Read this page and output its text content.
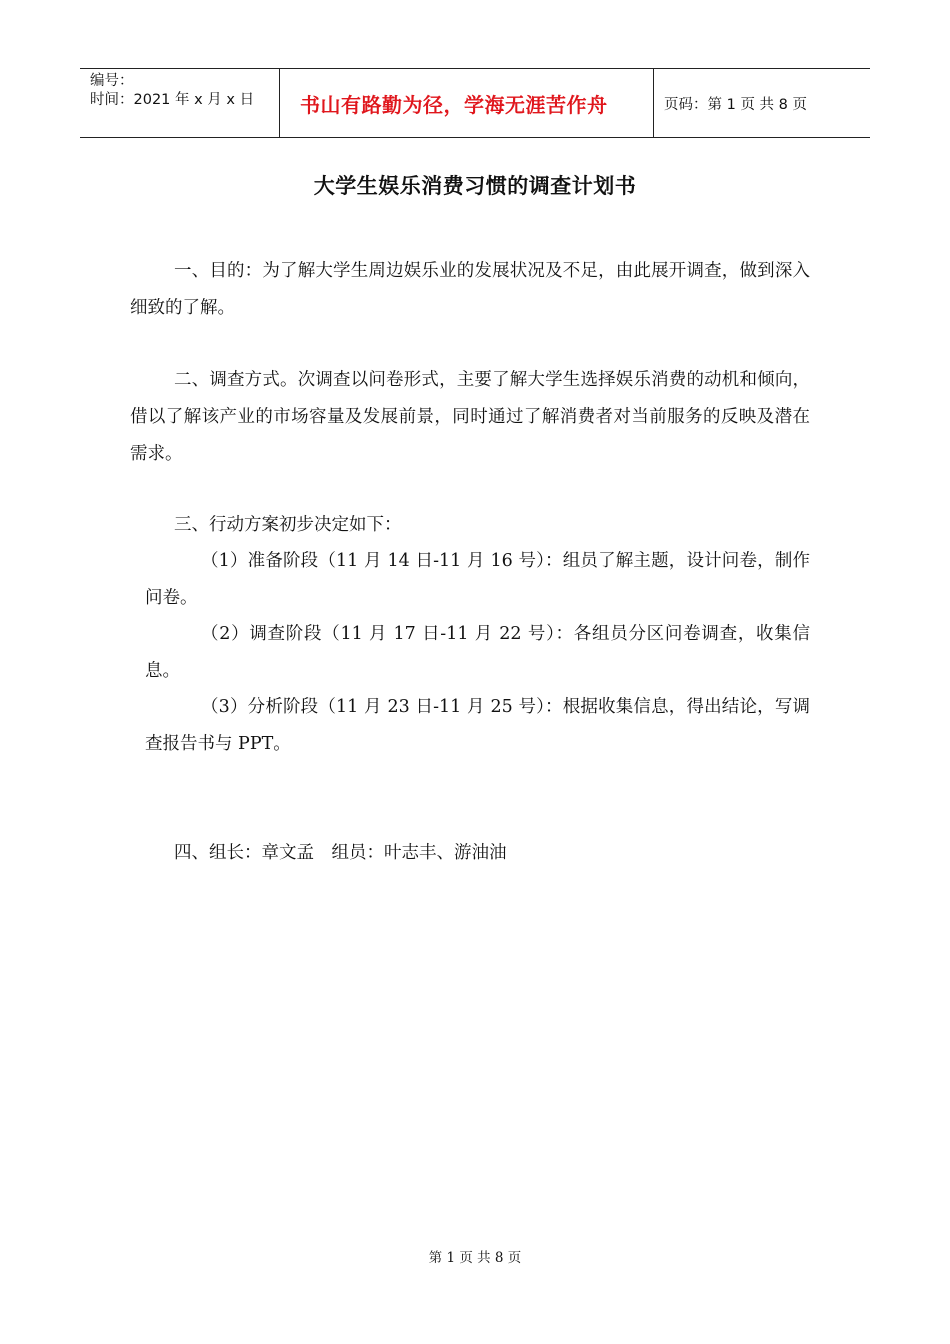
编号：
时间：2021 年 x 月 x 日	书山有路勤为径，学海无涯苦作舟	页码：第 1 页 共 8 页
大学生娱乐消费习惯的调查计划书
一、目的：为了解大学生周边娱乐业的发展状况及不足，由此展开调查，做到深入细致的了解。
二、调查方式。次调查以问卷形式，主要了解大学生选择娱乐消费的动机和倾向，借以了解该产业的市场容量及发展前景，同时通过了解消费者对当前服务的反映及潜在需求。
三、行动方案初步决定如下：
（1）准备阶段（11 月 14 日-11 月 16 号）：组员了解主题，设计问卷，制作问卷。
（2）调查阶段（11 月 17 日-11 月 22 号）：各组员分区问卷调查，收集信息。
（3）分析阶段（11 月 23 日-11 月 25 号）：根据收集信息，得出结论，写调查报告书与 PPT。
四、组长：章文孟　组员：叶志丰、游油油
第 1 页 共 8 页
